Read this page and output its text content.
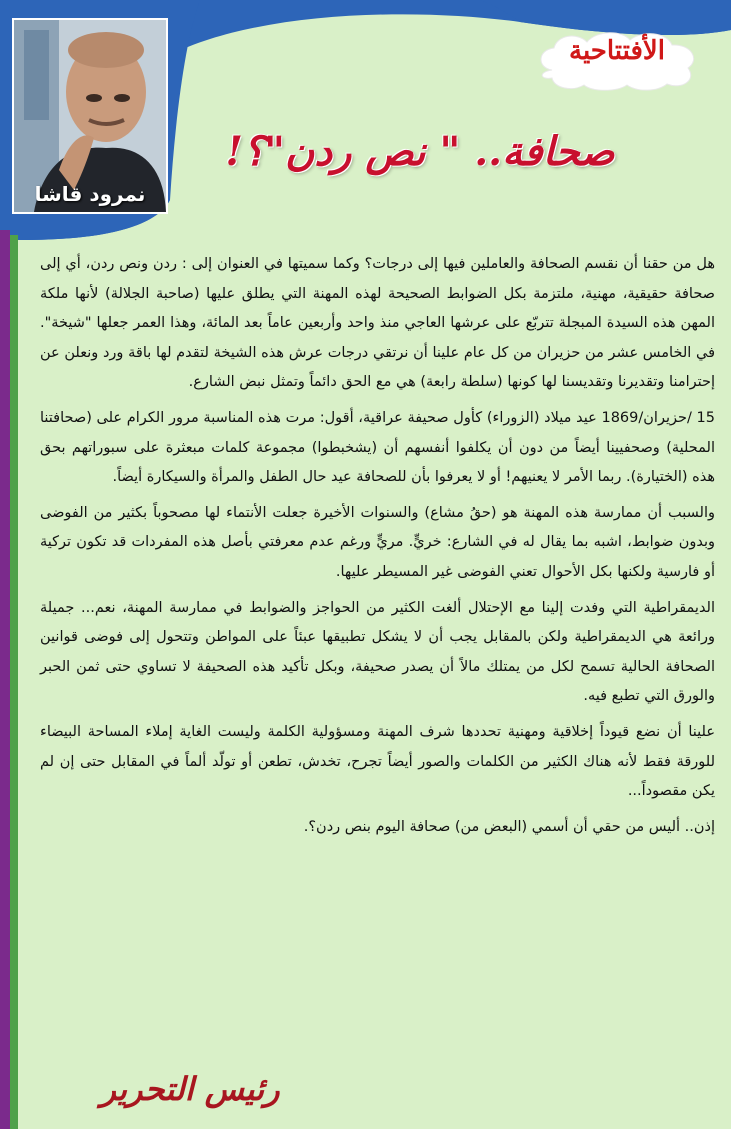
الأفتتاحية
صحافة.. " نص ردن"؟!
نمرود قاشا

هل من حقنا أن نقسم الصحافة والعاملين فيها إلى درجات؟ وكما سميتها في العنوان إلى : ردن ونص ردن، أي إلى صحافة حقيقية، مهنية، ملتزمة بكل الضوابط الصحيحة لهذه المهنة التي يطلق عليها (صاحبة الجلالة) لأنها ملكة المهن هذه السيدة المبجلة تتربّع على عرشها العاجي منذ واحد وأربعين عاماً بعد المائة، وهذا العمر جعلها "شيخة". في الخامس عشر من حزيران من كل عام علينا أن نرتقي درجات عرش هذه الشيخة لتقدم لها باقة ورد ونعلن عن إحترامنا وتقديرنا وتقديسنا لها كونها (سلطة رابعة) هي مع الحق دائماً وتمثل نبض الشارع.

15 /حزيران/1869 عيد ميلاد (الزوراء) كأول صحيفة عراقية، أقول: مرت هذه المناسبة مرور الكرام على (صحافتنا المحلية) وصحفيينا أيضاً من دون أن يكلفوا أنفسهم أن (يشخبطوا) مجموعة كلمات مبعثرة على سبوراتهم بحق هذه (الختيارة). ربما الأمر لا يعنيهم! أو لا يعرفوا بأن للصحافة عيد حال الطفل والمرأة والسيكارة أيضاً.

والسبب أن ممارسة هذه المهنة هو (حقُ مشاع) والسنوات الأخيرة جعلت الأنتماء لها مصحوباً بكثير من الفوضى وبدون ضوابط، اشبه بما يقال له في الشارع: خريٍّ. مريٍّ ورغم عدم معرفتي بأصل هذه المفردات قد تكون تركية أو فارسية ولكنها بكل الأحوال تعني الفوضى غير المسيطر عليها.

الديمقراطية التي وفدت إلينا مع الإحتلال ألغت الكثير من الحواجز والضوابط في ممارسة المهنة، نعم... جميلة ورائعة هي الديمقراطية ولكن بالمقابل يجب أن لا يشكل تطبيقها عبئاً على المواطن وتتحول إلى فوضى قوانين الصحافة الحالية تسمح لكل من يمتلك مالاً أن يصدر صحيفة، وبكل تأكيد هذه الصحيفة لا تساوي حتى ثمن الحبر والورق التي تطبع فيه.

علينا أن نضع قيوداً إخلاقية ومهنية تحددها شرف المهنة ومسؤولية الكلمة وليست الغاية إملاء المساحة البيضاء للورقة فقط لأنه هناك الكثير من الكلمات والصور أيضاً تجرح، تخدش، تطعن أو تولّد ألماً في المقابل حتى إن لم يكن مقصوداً...

إذن.. أليس من حقي أن أسمي (البعض من) صحافة اليوم بنص ردن؟.

رئيس التحرير
